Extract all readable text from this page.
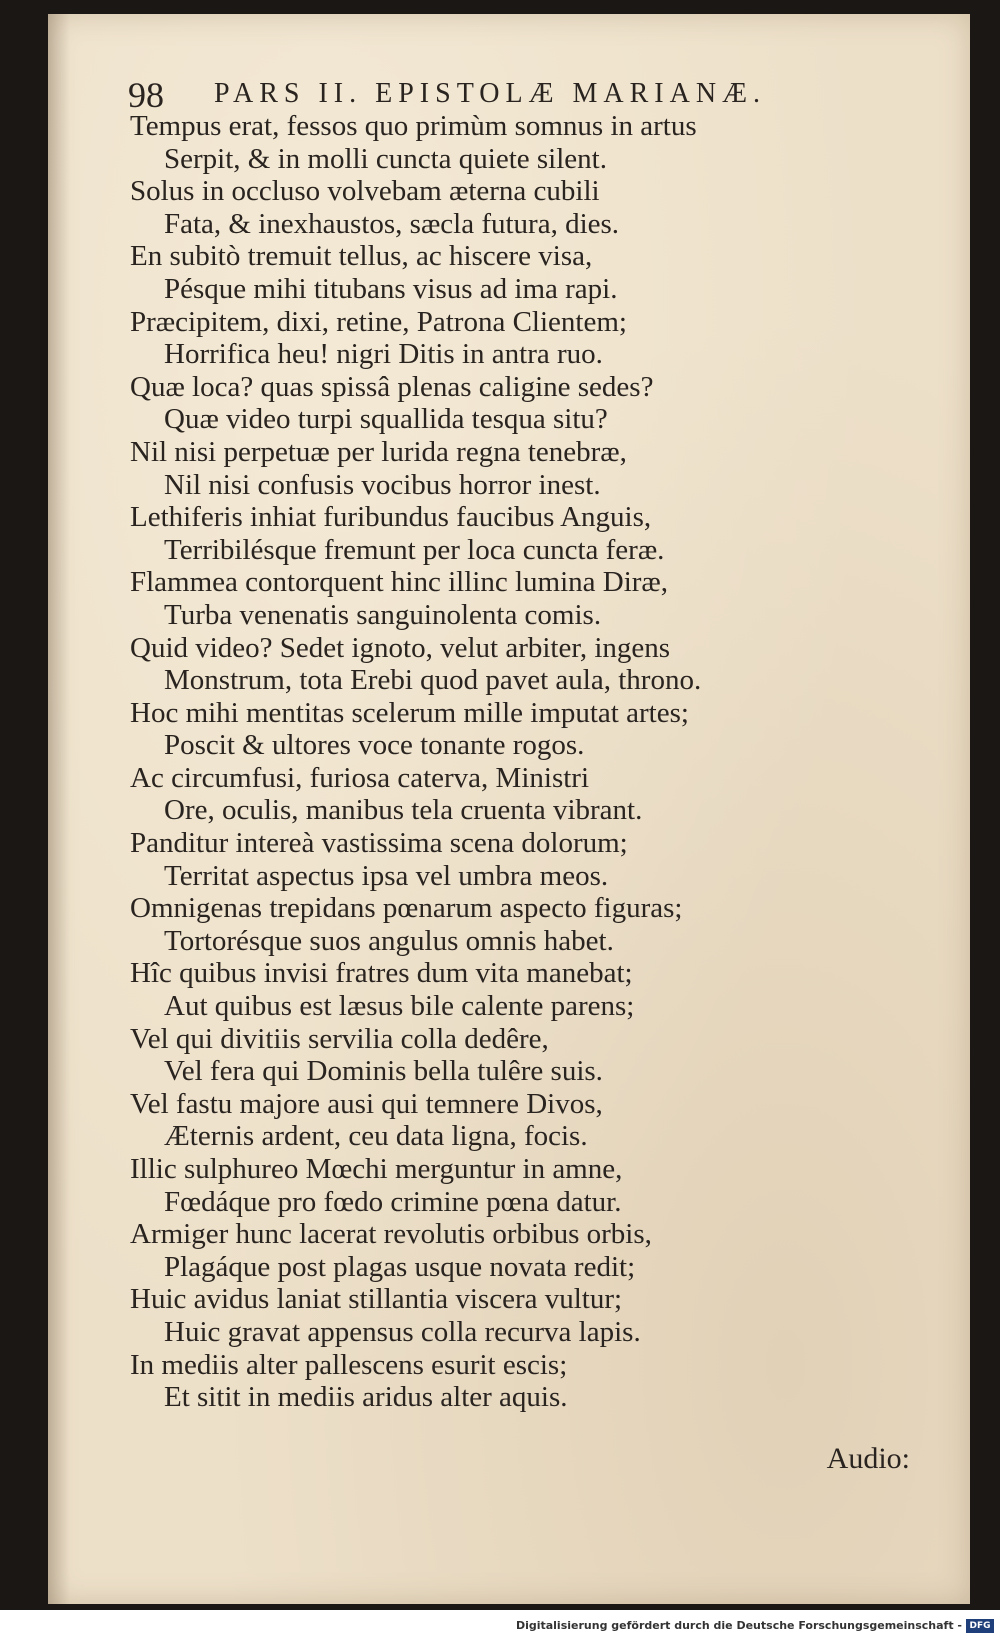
98 PARS II. EPISTOLÆ MARIANÆ.
Tempus erat, fessos quo primùm somnus in artus
Serpit, & in molli cuncta quiete silent.
Solus in occluso volvebam æterna cubili
Fata, & inexhaustos, sæcla futura, dies.
En subitò tremuit tellus, ac hiscere visa,
Pésque mihi titubans visus ad ima rapi.
Præcipitem, dixi, retine, Patrona Clientem;
Horrifica heu! nigri Ditis in antra ruo.
Quæ loca? quas spissâ plenas caligine sedes?
Quæ video turpi squallida tesqua situ?
Nil nisi perpetuæ per lurida regna tenebræ,
Nil nisi confusis vocibus horror inest.
Lethiferis inhiat furibundus faucibus Anguis,
Terribilésque fremunt per loca cuncta feræ.
Flammea contorquent hinc illinc lumina Diræ,
Turba venenatis sanguinolenta comis.
Quid video? Sedet ignoto, velut arbiter, ingens
Monstrum, tota Erebi quod pavet aula, throno.
Hoc mihi mentitas scelerum mille imputat artes;
Poscit & ultores voce tonante rogos.
Ac circumfusi, furiosa caterva, Ministri
Ore, oculis, manibus tela cruenta vibrant.
Panditur intereà vastissima scena dolorum;
Territat aspectus ipsa vel umbra meos.
Omnigenas trepidans pœnarum aspecto figuras;
Tortorésque suos angulus omnis habet.
Hîc quibus invisi fratres dum vita manebat;
Aut quibus est læsus bile calente parens;
Vel qui divitiis servilia colla dedêre,
Vel fera qui Dominis bella tulêre suis.
Vel fastu majore ausi qui temnere Divos,
Æternis ardent, ceu data ligna, focis.
Illic sulphureo Mœchi merguntur in amne,
Fœdáque pro fœdo crimine pœna datur.
Armiger hunc lacerat revolutis orbibus orbis,
Plagáque post plagas usque novata redit;
Huic avidus laniat stillantia viscera vultur;
Huic gravat appensus colla recurva lapis.
In mediis alter pallescens esurit escis;
Et sitit in mediis aridus alter aquis.
Audio:
Digitalisierung gefördert durch die Deutsche Forschungsgemeinschaft - DFG
